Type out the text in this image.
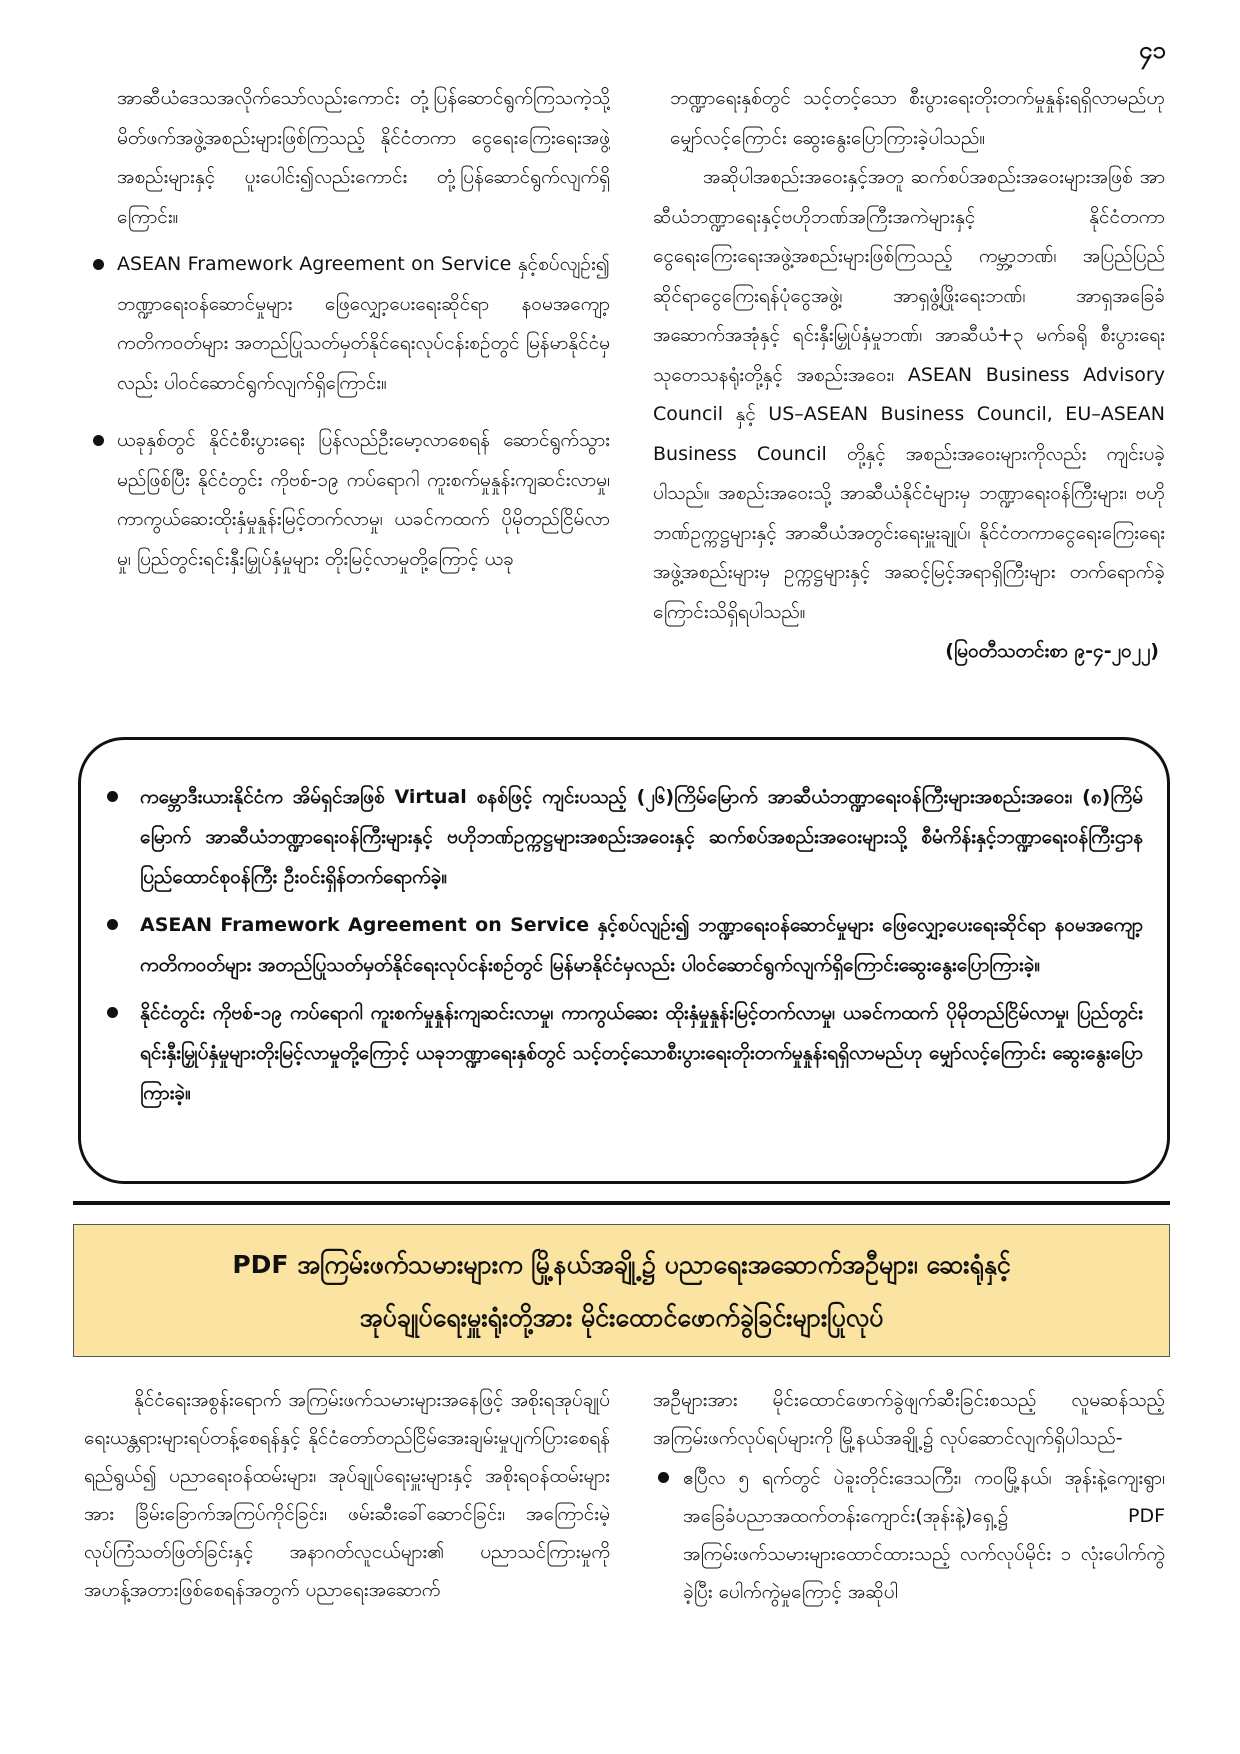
၄၁

အာဆီယံဒေသအလိုက်သော်လည်းကောင်း တုံ့ပြန်ဆောင်ရွက်ကြသကဲ့သို့ မိတ်ဖက်အဖွဲ့အစည်းများဖြစ်ကြသည့် နိုင်ငံတကာ ငွေရေးကြေးရေးအဖွဲ့အစည်းများနှင့် ပူးပေါင်း၍လည်းကောင်း တုံ့ပြန်ဆောင်ရွက်လျက်ရှိကြောင်း။

ASEAN Framework Agreement on Service နှင့်စပ်လျဉ်း၍ ဘဏ္ဍာရေးဝန်ဆောင်မှုများ ဖြေလျှော့ပေးရေးဆိုင်ရာ နဝမအကျော့ ကတိကဝတ်များ အတည်ပြုသတ်မှတ်နိုင်ရေးလုပ်ငန်းစဉ်တွင် မြန်မာနိုင်ငံမှလည်း ပါဝင်ဆောင်ရွက်လျက်ရှိကြောင်း။

ယခုနှစ်တွင် နိုင်ငံစီးပွားရေး ပြန်လည်ဦးမော့လာစေရန် ဆောင်ရွက်သွားမည်ဖြစ်ပြီး နိုင်ငံတွင်း ကိုဗစ်-၁၉ ကပ်ရောဂါ ကူးစက်မှုနှုန်းကျဆင်းလာမှု၊ ကာကွယ်ဆေးထိုးနှံမှုနှုန်းမြင့်တက်လာမှု၊ ယခင်ကထက် ပိုမိုတည်ငြိမ်လာမှု၊ ပြည်တွင်းရင်းနှီးမြှုပ်နှံမှုများ တိုးမြင့်လာမှုတို့ကြောင့် ယခု

ဘဏ္ဍာရေးနှစ်တွင် သင့်တင့်သော စီးပွားရေးတိုးတက်မှုနှုန်းရရှိလာမည်ဟု မျှော်လင့်ကြောင်း ဆွေးနွေးပြောကြားခဲ့ပါသည်။

အဆိုပါအစည်းအဝေးနှင့်အတူ ဆက်စပ်အစည်းအဝေးများအဖြစ် အာဆီယံဘဏ္ဍာရေးနှင့်ဗဟိုဘဏ်အကြီးအကဲများနှင့် နိုင်ငံတကာငွေရေးကြေးရေးအဖွဲ့အစည်းများဖြစ်ကြသည့် ကမ္ဘာ့ဘဏ်၊ အပြည်ပြည်ဆိုင်ရာငွေကြေးရန်ပုံငွေအဖွဲ့၊ အာရှဖွံ့ဖြိုးရေးဘဏ်၊ အာရှအခြေခံအဆောက်အအုံနှင့် ရင်းနှီးမြှုပ်နှံမှုဘဏ်၊ အာဆီယံ+၃ မက်ခရို စီးပွားရေးသုတေသနရုံးတို့နှင့် အစည်းအဝေး၊ ASEAN Business Advisory Council နှင့် US–ASEAN Business Council, EU–ASEAN Business Council တို့နှင့် အစည်းအဝေးများကိုလည်း ကျင်းပခဲ့ပါသည်။ အစည်းအဝေးသို့ အာဆီယံနိုင်ငံများမှ ဘဏ္ဍာရေးဝန်ကြီးများ၊ ဗဟိုဘဏ်ဥက္ကဋ္ဌများနှင့် အာဆီယံအတွင်းရေးမှူးချုပ်၊ နိုင်ငံတကာငွေရေးကြေးရေးအဖွဲ့အစည်းများမှ ဥက္ကဋ္ဌများနှင့် အဆင့်မြင့်အရာရှိကြီးများ တက်ရောက်ခဲ့ကြောင်းသိရှိရပါသည်။

(မြဝတီသတင်းစာ ၉-၄-၂၀၂၂)

ကမ္ဘောဒီးယားနိုင်ငံက အိမ်ရှင်အဖြစ် Virtual စနစ်ဖြင့် ကျင်းပသည့် (၂၆)ကြိမ်မြောက် အာဆီယံဘဏ္ဍာရေးဝန်ကြီးများအစည်းအဝေး၊ (၈)ကြိမ်မြောက် အာဆီယံဘဏ္ဍာရေးဝန်ကြီးများနှင့် ဗဟိုဘဏ်ဥက္ကဋ္ဌများအစည်းအဝေးနှင့် ဆက်စပ်အစည်းအဝေးများသို့ စီမံကိန်းနှင့်ဘဏ္ဍာရေးဝန်ကြီးဌာန ပြည်ထောင်စုဝန်ကြီး ဦးဝင်းရှိန်တက်ရောက်ခဲ့။

ASEAN Framework Agreement on Service နှင့်စပ်လျဉ်း၍ ဘဏ္ဍာရေးဝန်ဆောင်မှုများ ဖြေလျှော့ပေးရေးဆိုင်ရာ နဝမအကျော့ ကတိကဝတ်များ အတည်ပြုသတ်မှတ်နိုင်ရေးလုပ်ငန်းစဉ်တွင် မြန်မာနိုင်ငံမှလည်း ပါဝင်ဆောင်ရွက်လျက်ရှိကြောင်းဆွေးနွေးပြောကြားခဲ့။

နိုင်ငံတွင်း ကိုဗစ်-၁၉ ကပ်ရောဂါ ကူးစက်မှုနှုန်းကျဆင်းလာမှု၊ ကာကွယ်ဆေး ထိုးနှံမှုနှုန်းမြင့်တက်လာမှု၊ ယခင်ကထက် ပိုမိုတည်ငြိမ်လာမှု၊ ပြည်တွင်းရင်းနှီးမြှုပ်နှံမှုများတိုးမြင့်လာမှုတို့ကြောင့် ယခုဘဏ္ဍာရေးနှစ်တွင် သင့်တင့်သောစီးပွားရေးတိုးတက်မှုနှုန်းရရှိလာမည်ဟု မျှော်လင့်ကြောင်း ဆွေးနွေးပြောကြားခဲ့။

PDF အကြမ်းဖက်သမားများက မြို့နယ်အချို့၌ ပညာရေးအဆောက်အဦများ၊ ဆေးရုံနှင့်
အုပ်ချုပ်ရေးမှူးရုံးတို့အား မိုင်းထောင်ဖောက်ခွဲခြင်းများပြုလုပ်

နိုင်ငံရေးအစွန်းရောက် အကြမ်းဖက်သမားများအနေဖြင့် အစိုးရအုပ်ချုပ်ရေးယန္တရားများရပ်တန့်စေရန်နှင့် နိုင်ငံတော်တည်ငြိမ်အေးချမ်းမှုပျက်ပြားစေရန်ရည်ရွယ်၍ ပညာရေးဝန်ထမ်းများ၊ အုပ်ချုပ်ရေးမှူးများနှင့် အစိုးရဝန်ထမ်းများအား ခြိမ်းခြောက်အကြပ်ကိုင်ခြင်း၊ ဖမ်းဆီးခေါ်ဆောင်ခြင်း၊ အကြောင်းမဲ့လုပ်ကြံသတ်ဖြတ်ခြင်းနှင့် အနာဂတ်လူငယ်များ၏ ပညာသင်ကြားမှုကို အဟန့်အတားဖြစ်စေရန်အတွက် ပညာရေးအဆောက်

အဦများအား မိုင်းထောင်ဖောက်ခွဲဖျက်ဆီးခြင်းစသည့် လူမဆန်သည့်အကြမ်းဖက်လုပ်ရပ်များကို မြို့နယ်အချို့၌ လုပ်ဆောင်လျက်ရှိပါသည်-

ဧပြီလ ၅ ရက်တွင် ပဲခူးတိုင်းဒေသကြီး၊ ကဝမြို့နယ်၊ အုန်းနဲ့ကျေးရွာ၊ အခြေခံပညာအထက်တန်းကျောင်း(အုန်းနဲ့)ရှေ့၌ PDF အကြမ်းဖက်သမားများထောင်ထားသည့် လက်လုပ်မိုင်း ၁ လုံးပေါက်ကွဲခဲ့ပြီး ပေါက်ကွဲမှုကြောင့် အဆိုပါ
